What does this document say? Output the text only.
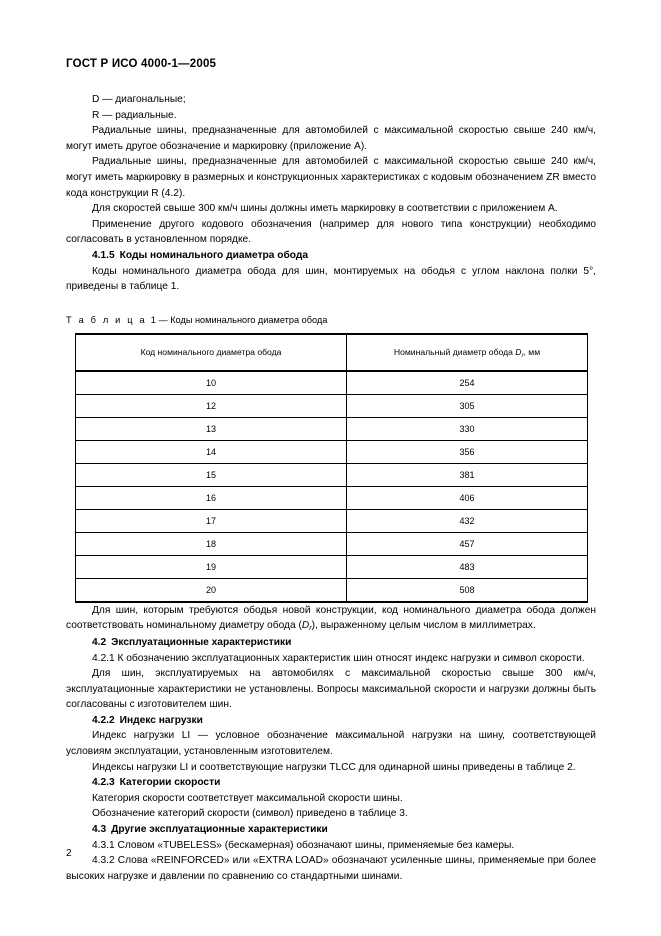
ГОСТ Р ИСО 4000-1—2005

D — диагональные;

R — радиальные.

Радиальные шины, предназначенные для автомобилей с максимальной скоростью свыше 240 км/ч, могут иметь другое обозначение и маркировку (приложение А).

Радиальные шины, предназначенные для автомобилей с максимальной скоростью свыше 240 км/ч, могут иметь маркировку в размерных и конструкционных характеристиках с кодовым обозначением ZR вместо кода конструкции R (4.2).

Для скоростей свыше 300 км/ч шины должны иметь маркировку в соответствии с приложением А.

Применение другого кодового обозначения (например для нового типа конструкции) необходимо согласовать в установленном порядке.

4.1.5 Коды номинального диаметра обода

Коды номинального диаметра обода для шин, монтируемых на ободья с углом наклона полки 5°, приведены в таблице 1.

Т а б л и ц а 1 — Коды номинального диаметра обода
Код номинального диаметра обода	Номинальный диаметр обода $D_r$, мм
10	254
12	305
13	330
14	356
15	381
16	406
17	432
18	457
19	483
20	508

Для шин, которым требуются ободья новой конструкции, код номинального диаметра обода должен соответствовать номинальному диаметру обода $(D_r)$, выраженному целым числом в миллиметрах.

4.2 Эксплуатационные характеристики

4.2.1 К обозначению эксплуатационных характеристик шин относят индекс нагрузки и символ скорости.

Для шин, эксплуатируемых на автомобилях с максимальной скоростью свыше 300 км/ч, эксплуатационные характеристики не установлены. Вопросы максимальной скорости и нагрузки должны быть согласованы с изготовителем шин.

4.2.2 Индекс нагрузки

Индекс нагрузки LI — условное обозначение максимальной нагрузки на шину, соответствующей условиям эксплуатации, установленным изготовителем.

Индексы нагрузки LI и соответствующие нагрузки TLCC для одинарной шины приведены в таблице 2.

4.2.3 Категории скорости

Категория скорости соответствует максимальной скорости шины.

Обозначение категорий скорости (символ) приведено в таблице 3.

4.3 Другие эксплуатационные характеристики

4.3.1 Словом «TUBELESS» (бескамерная) обозначают шины, применяемые без камеры.

4.3.2 Слова «REINFORCED» или «EXTRA LOAD» обозначают усиленные шины, применяемые при более высоких нагрузке и давлении по сравнению со стандартными шинами.

2
